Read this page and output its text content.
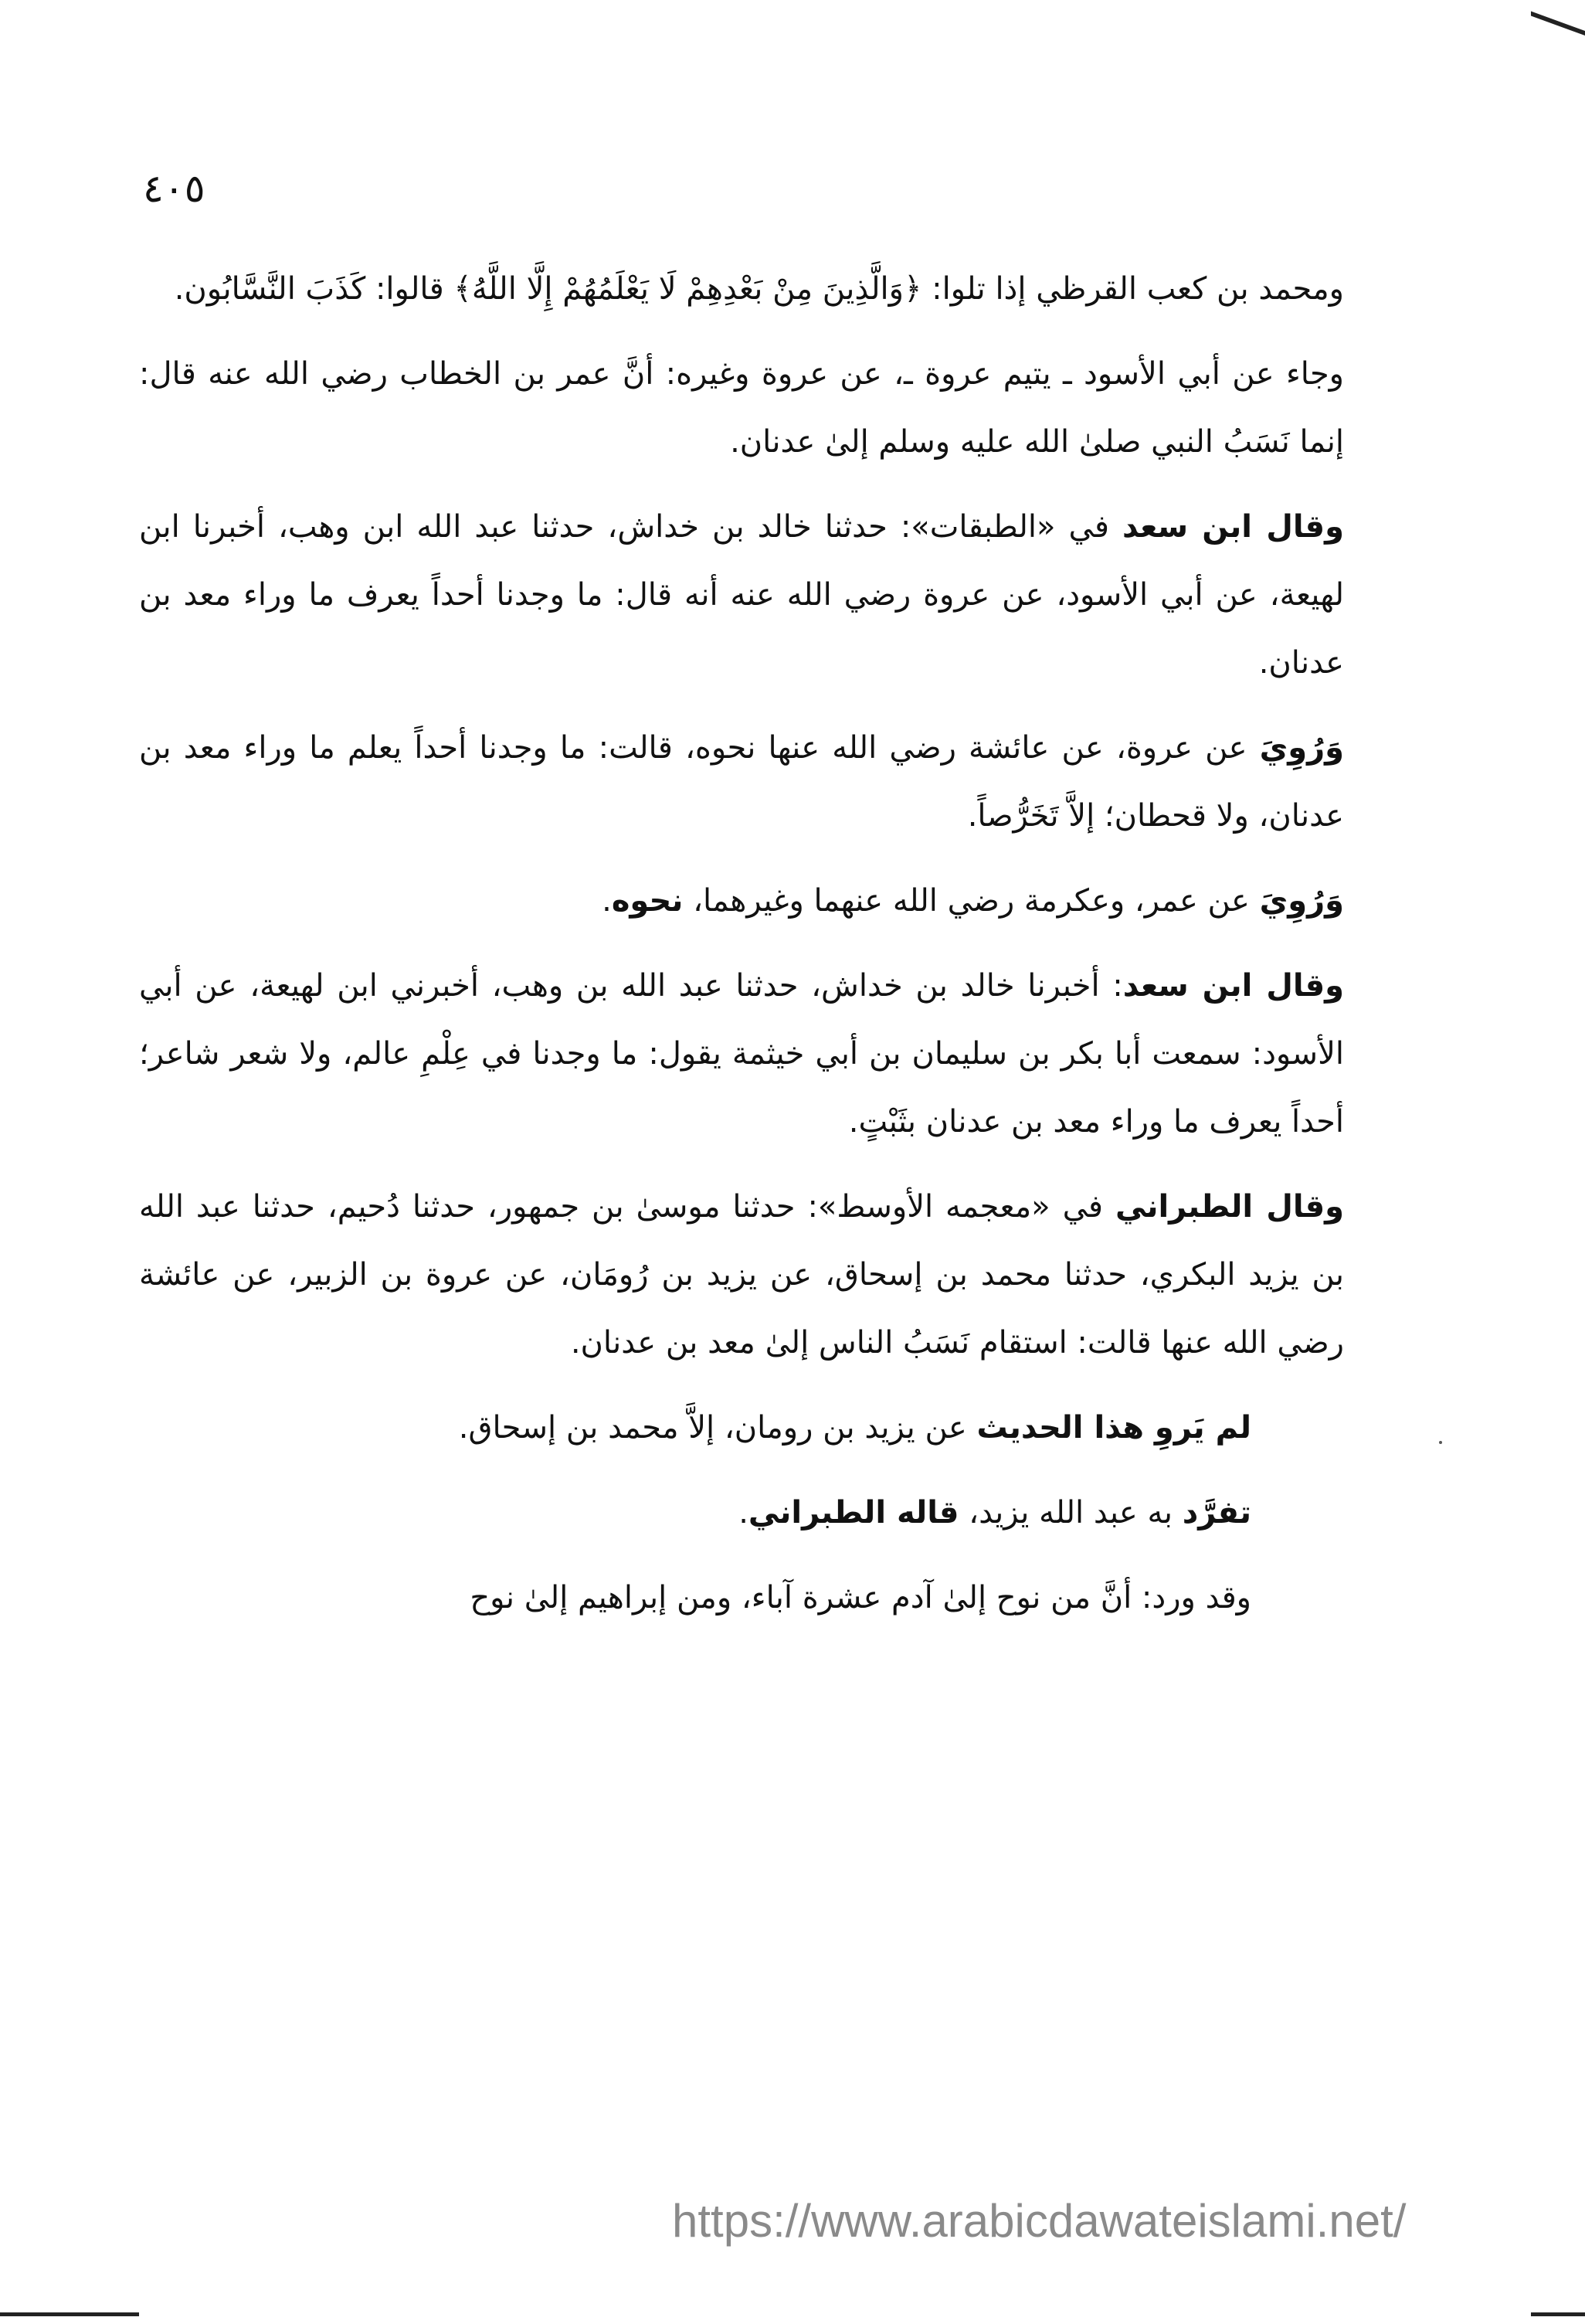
٤٠٥

ومحمد بن كعب القرظي إذا تلوا: ﴿وَالَّذِينَ مِنْ بَعْدِهِمْ لَا يَعْلَمُهُمْ إِلَّا اللَّهُ﴾ قالوا: كَذَبَ النَّسَّابُون.

وجاء عن أبي الأسود ـ يتيم عروة ـ، عن عروة وغيره: أنَّ عمر بن الخطاب رضي الله عنه قال: إنما نَسَبُ النبي صلىٰ الله عليه وسلم إلىٰ عدنان.

وقال ابن سعد في «الطبقات»: حدثنا خالد بن خداش، حدثنا عبد الله ابن وهب، أخبرنا ابن لهيعة، عن أبي الأسود، عن عروة رضي الله عنه أنه قال: ما وجدنا أحداً يعرف ما وراء معد بن عدنان.

وَرُوِيَ عن عروة، عن عائشة رضي الله عنها نحوه، قالت: ما وجدنا أحداً يعلم ما وراء معد بن عدنان، ولا قحطان؛ إلاَّ تَخَرُّصاً.

وَرُوِيَ عن عمر، وعكرمة رضي الله عنهما وغيرهما، نحوه.

وقال ابن سعد: أخبرنا خالد بن خداش، حدثنا عبد الله بن وهب، أخبرني ابن لهيعة، عن أبي الأسود: سمعت أبا بكر بن سليمان بن أبي خيثمة يقول: ما وجدنا في عِلْمِ عالم، ولا شعر شاعر؛ أحداً يعرف ما وراء معد بن عدنان بثَبْتٍ.

وقال الطبراني في «معجمه الأوسط»: حدثنا موسىٰ بن جمهور، حدثنا دُحيم، حدثنا عبد الله بن يزيد البكري، حدثنا محمد بن إسحاق، عن يزيد بن رُومَان، عن عروة بن الزبير، عن عائشة رضي الله عنها قالت: استقام نَسَبُ الناس إلىٰ معد بن عدنان.

لم يَروِ هذا الحديث عن يزيد بن رومان، إلاَّ محمد بن إسحاق.

تفرَّد به عبد الله يزيد، قاله الطبراني.

وقد ورد: أنَّ من نوح إلىٰ آدم عشرة آباء، ومن إبراهيم إلىٰ نوح

https://www.arabicdawateislami.net/
